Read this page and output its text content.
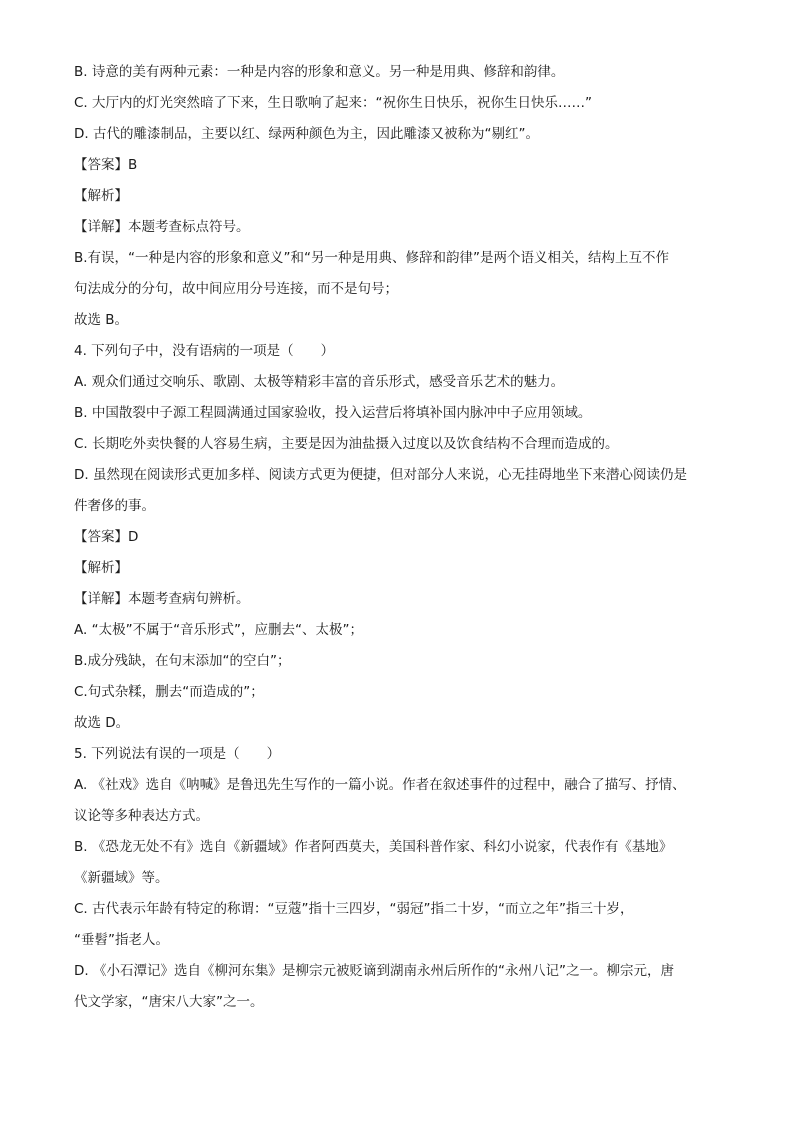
B. 诗意的美有两种元素：一种是内容的形象和意义。另一种是用典、修辞和韵律。
C. 大厅内的灯光突然暗了下来，生日歌响了起来：“祝你生日快乐，祝你生日快乐……”
D. 古代的雕漆制品，主要以红、绿两种颜色为主，因此雕漆又被称为“剔红”。
【答案】B
【解析】
【详解】本题考查标点符号。
B.有误，“一种是内容的形象和意义”和“另一种是用典、修辞和韵律”是两个语义相关，结构上互不作
句法成分的分句，故中间应用分号连接，而不是句号；
故选 B。
4. 下列句子中，没有语病的一项是（　　）
A. 观众们通过交响乐、歌剧、太极等精彩丰富的音乐形式，感受音乐艺术的魅力。
B. 中国散裂中子源工程圆满通过国家验收，投入运营后将填补国内脉冲中子应用领域。
C. 长期吃外卖快餐的人容易生病，主要是因为油盐摄入过度以及饮食结构不合理而造成的。
D. 虽然现在阅读形式更加多样、阅读方式更为便捷，但对部分人来说，心无挂碍地坐下来潜心阅读仍是
件奢侈的事。
【答案】D
【解析】
【详解】本题考查病句辨析。
A. “太极”不属于“音乐形式”，应删去“、太极”；
B.成分残缺，在句末添加“的空白”；
C.句式杂糅，删去“而造成的”；
故选 D。
5. 下列说法有误的一项是（　　）
A. 《社戏》选自《呐喊》是鲁迅先生写作的一篇小说。作者在叙述事件的过程中，融合了描写、抒情、
议论等多种表达方式。
B. 《恐龙无处不有》选自《新疆域》作者阿西莫夫，美国科普作家、科幻小说家，代表作有《基地》
《新疆域》等。
C. 古代表示年龄有特定的称谓：“豆蔻”指十三四岁，“弱冠”指二十岁，“而立之年”指三十岁，
“垂髫”指老人。
D. 《小石潭记》选自《柳河东集》是柳宗元被贬谪到湖南永州后所作的“永州八记”之一。柳宗元，唐
代文学家，“唐宋八大家”之一。
